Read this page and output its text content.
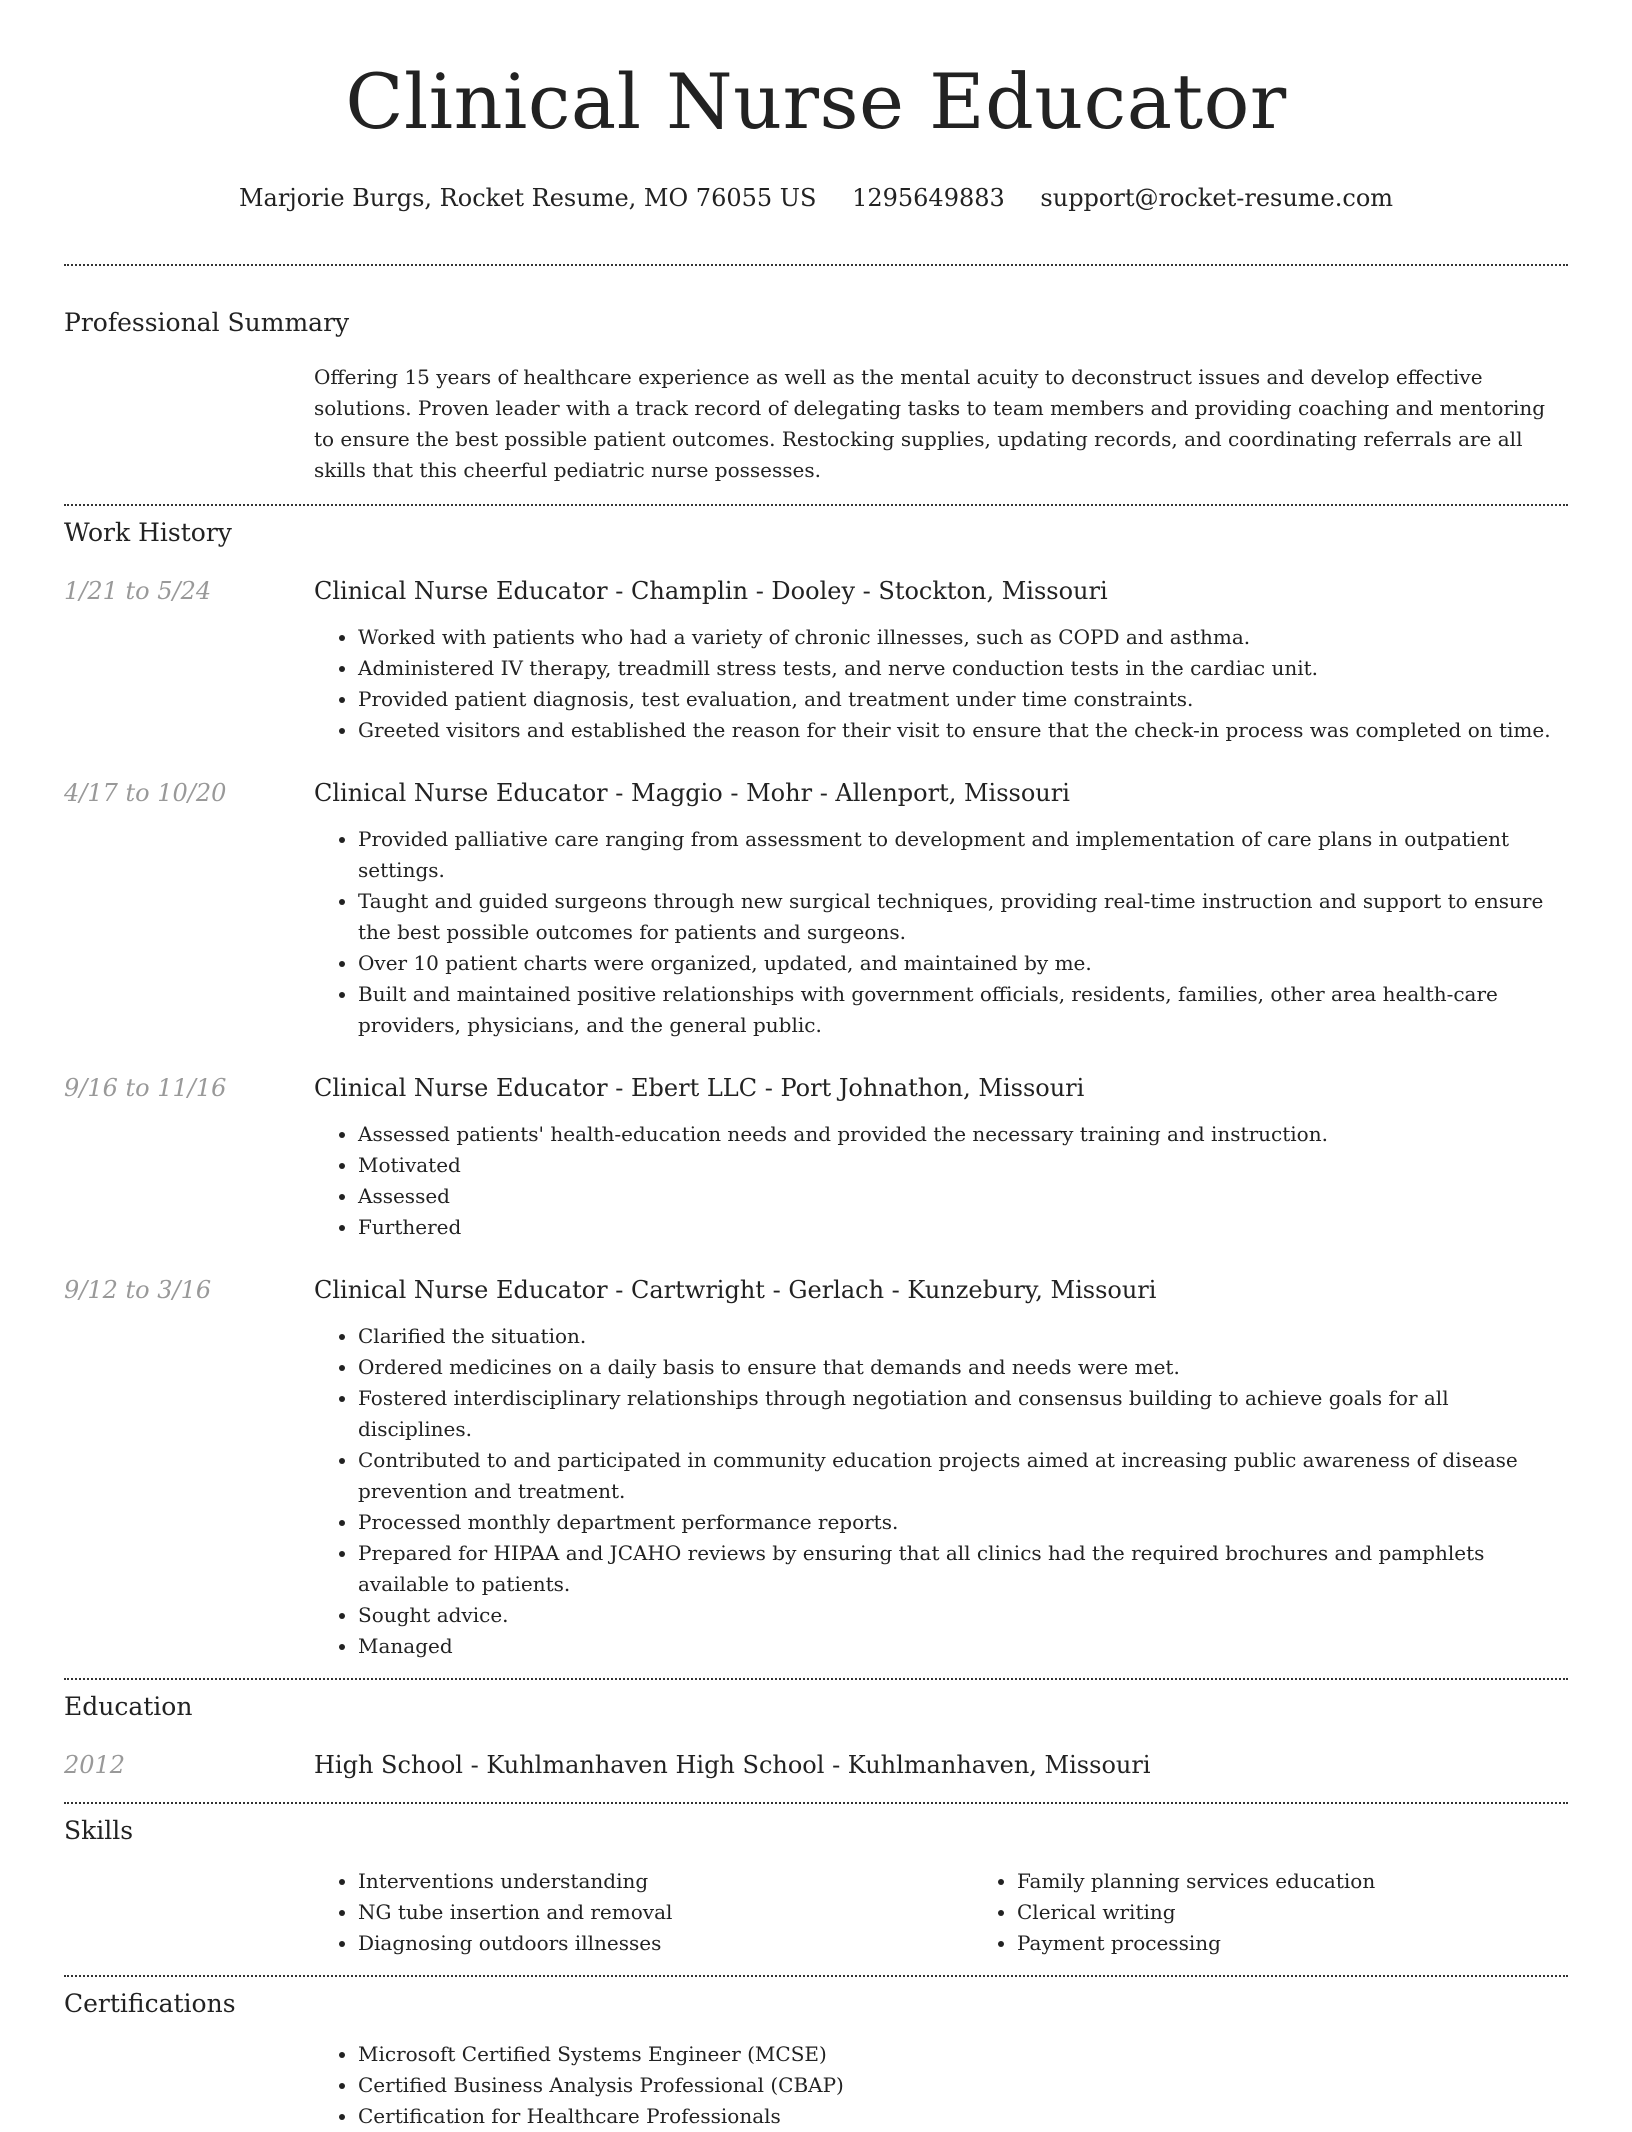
Clinical Nurse Educator
Marjorie Burgs, Rocket Resume, MO 76055 US 1295649883 support@rocket-resume.com
Professional Summary

Offering 15 years of healthcare experience as well as the mental acuity to deconstruct issues and develop effective solutions. Proven leader with a track record of delegating tasks to team members and providing coaching and mentoring to ensure the best possible patient outcomes. Restocking supplies, updating records, and coordinating referrals are all skills that this cheerful pediatric nurse possesses.

Work History
1/21 to 5/24	Clinical Nurse Educator - Champlin - Dooley - Stockton, Missouri
• Worked with patients who had a variety of chronic illnesses, such as COPD and asthma.
• Administered IV therapy, treadmill stress tests, and nerve conduction tests in the cardiac unit.
• Provided patient diagnosis, test evaluation, and treatment under time constraints.
• Greeted visitors and established the reason for their visit to ensure that the check-in process was completed on time.
4/17 to 10/20	Clinical Nurse Educator - Maggio - Mohr - Allenport, Missouri
• Provided palliative care ranging from assessment to development and implementation of care plans in outpatient settings.
• Taught and guided surgeons through new surgical techniques, providing real-time instruction and support to ensure the best possible outcomes for patients and surgeons.
• Over 10 patient charts were organized, updated, and maintained by me.
• Built and maintained positive relationships with government officials, residents, families, other area health-care providers, physicians, and the general public.
9/16 to 11/16	Clinical Nurse Educator - Ebert LLC - Port Johnathon, Missouri
• Assessed patients' health-education needs and provided the necessary training and instruction.
• Motivated
• Assessed
• Furthered
9/12 to 3/16	Clinical Nurse Educator - Cartwright - Gerlach - Kunzebury, Missouri
• Clarified the situation.
• Ordered medicines on a daily basis to ensure that demands and needs were met.
• Fostered interdisciplinary relationships through negotiation and consensus building to achieve goals for all disciplines.
• Contributed to and participated in community education projects aimed at increasing public awareness of disease prevention and treatment.
• Processed monthly department performance reports.
• Prepared for HIPAA and JCAHO reviews by ensuring that all clinics had the required brochures and pamphlets available to patients.
• Sought advice.
• Managed
Education
2012	High School - Kuhlmanhaven High School - Kuhlmanhaven, Missouri
Skills
• Interventions understanding
• NG tube insertion and removal
• Diagnosing outdoors illnesses
• Family planning services education
• Clerical writing
• Payment processing
Certifications
• Microsoft Certified Systems Engineer (MCSE)
• Certified Business Analysis Professional (CBAP)
• Certification for Healthcare Professionals
